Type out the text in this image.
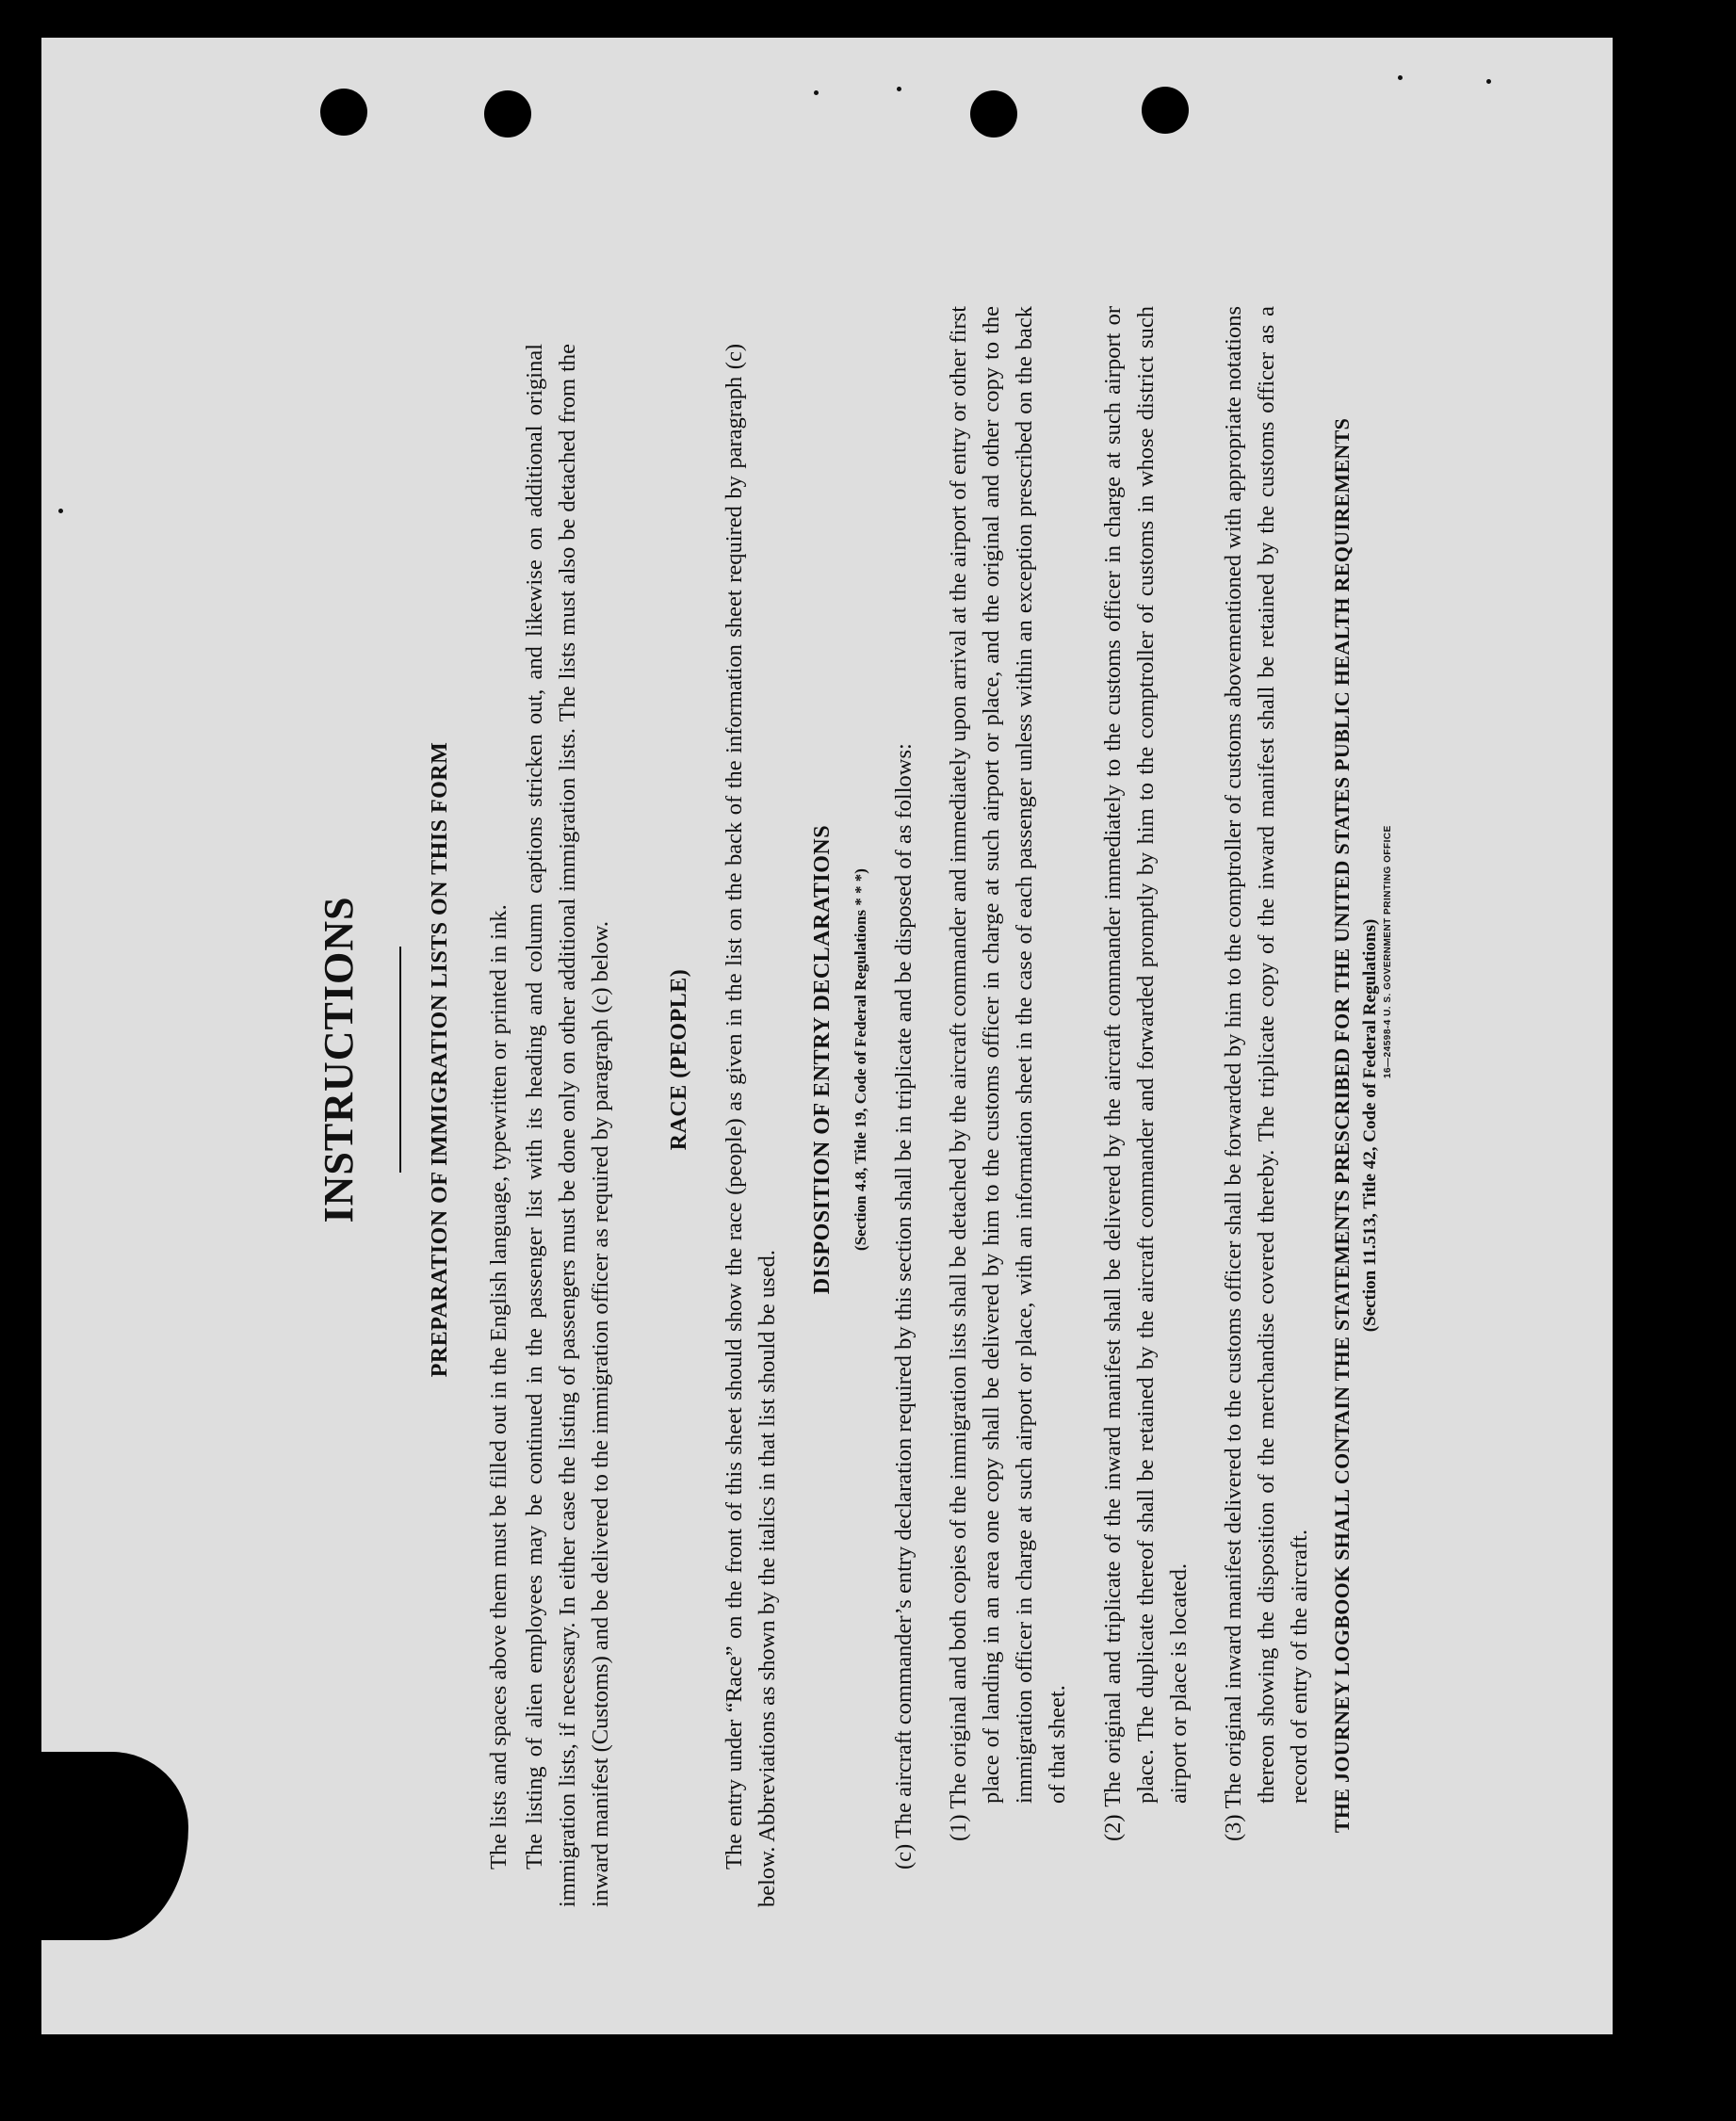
INSTRUCTIONS	PREPARATION OF IMMIGRATION LISTS ON THIS FORM The lists and spaces above them must be filled out in the English language, typewritten or printed in ink. The listing of alien employees may be continued in the passenger list with its heading and column captions stricken out, and likewise on additional original immigration lists, if necessary. In either case the listing of passengers must be done only on other additional immigration lists. The lists must also be detached from the inward manifest (Customs) and be delivered to the immigration officer as required by paragraph (c) below. RACE (PEOPLE) The entry under “Race” on the front of this sheet should show the race (people) as given in the list on the back of the information sheet required by paragraph (c) below. Abbreviations as shown by the italics in that list should be used.
DISPOSITION OF ENTRY DECLARATIONS (Section 4.8, Title 19, Code of Federal Regulations * * *) (c) The aircraft commander’s entry declaration required by this section shall be in triplicate and be disposed of as follows: (1) The original and both copies of the immigration lists shall be detached by the aircraft commander and immediately upon arrival at the airport of entry or other first place of landing in an area one copy shall be delivered by him to the customs officer in charge at such airport or place, and the original and other copy to the immigration officer in charge at such airport or place, with an information sheet in the case of each passenger unless within an exception prescribed on the back of that sheet. (2) The original and triplicate of the inward manifest shall be delivered by the aircraft commander immediately to the customs officer in charge at such airport or place. The duplicate thereof shall be retained by the aircraft commander and forwarded promptly by him to the comptroller of customs in whose district such airport or place is located. (3) The original inward manifest delivered to the customs officer shall be forwarded by him to the comptroller of customs abovementioned with appropriate notations thereon showing the disposition of the merchandise covered thereby. The triplicate copy of the inward manifest shall be retained by the customs officer as a record of entry of the aircraft. THE JOURNEY LOGBOOK SHALL CONTAIN THE STATEMENTS PRESCRIBED FOR THE UNITED STATES PUBLIC HEALTH REQUIREMENTS (Section 11.513, Title 42, Code of Federal Regulations) 16—24598-4 U. S. GOVERNMENT PRINTING OFFICE
